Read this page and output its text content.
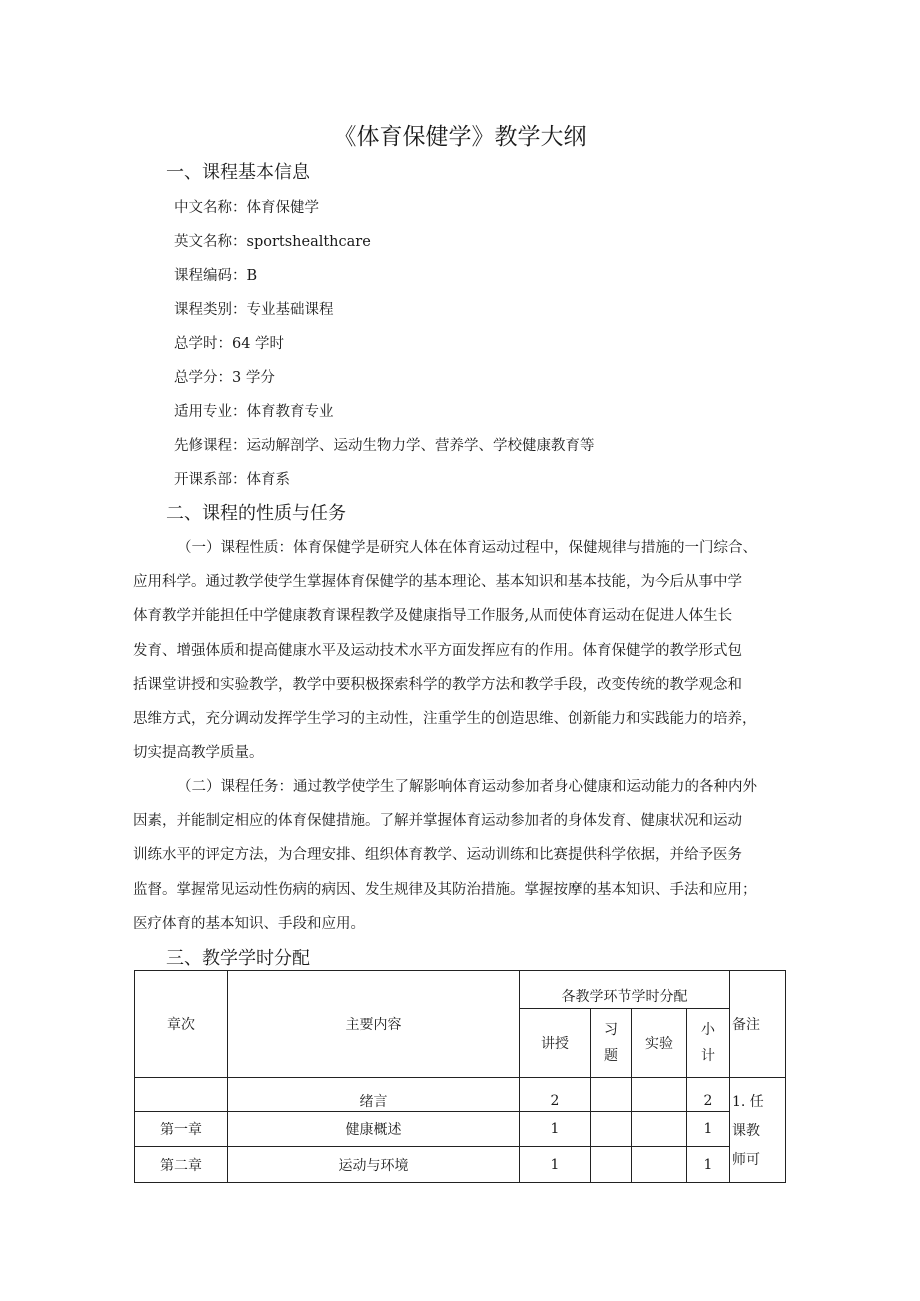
《体育保健学》教学大纲
一、课程基本信息
中文名称：体育保健学
英文名称：sportshealthcare
课程编码：B
课程类别：专业基础课程
总学时：64 学时
总学分：3 学分
适用专业：体育教育专业
先修课程：运动解剖学、运动生物力学、营养学、学校健康教育等
开课系部：体育系
二、课程的性质与任务
（一）课程性质：体育保健学是研究人体在体育运动过程中，保健规律与措施的一门综合、
应用科学。通过教学使学生掌握体育保健学的基本理论、基本知识和基本技能，为今后从事中学
体育教学并能担任中学健康教育课程教学及健康指导工作服务,从而使体育运动在促进人体生长
发育、增强体质和提高健康水平及运动技术水平方面发挥应有的作用。体育保健学的教学形式包
括课堂讲授和实验教学，教学中要积极探索科学的教学方法和教学手段，改变传统的教学观念和
思维方式，充分调动发挥学生学习的主动性，注重学生的创造思维、创新能力和实践能力的培养，
切实提高教学质量。
（二）课程任务：通过教学使学生了解影响体育运动参加者身心健康和运动能力的各种内外
因素，并能制定相应的体育保健措施。了解并掌握体育运动参加者的身体发育、健康状况和运动
训练水平的评定方法，为合理安排、组织体育教学、运动训练和比赛提供科学依据，并给予医务
监督。掌握常见运动性伤病的病因、发生规律及其防治措施。掌握按摩的基本知识、手法和应用；
医疗体育的基本知识、手段和应用。
三、教学学时分配
章次	主要内容	各教学环节学时分配				备注
		讲授	习
题	实验	小
计	
	绪言	2			2	1. 任
课教
师可
第一章	健康概述	1			1	
第二章	运动与环境	1			1	
